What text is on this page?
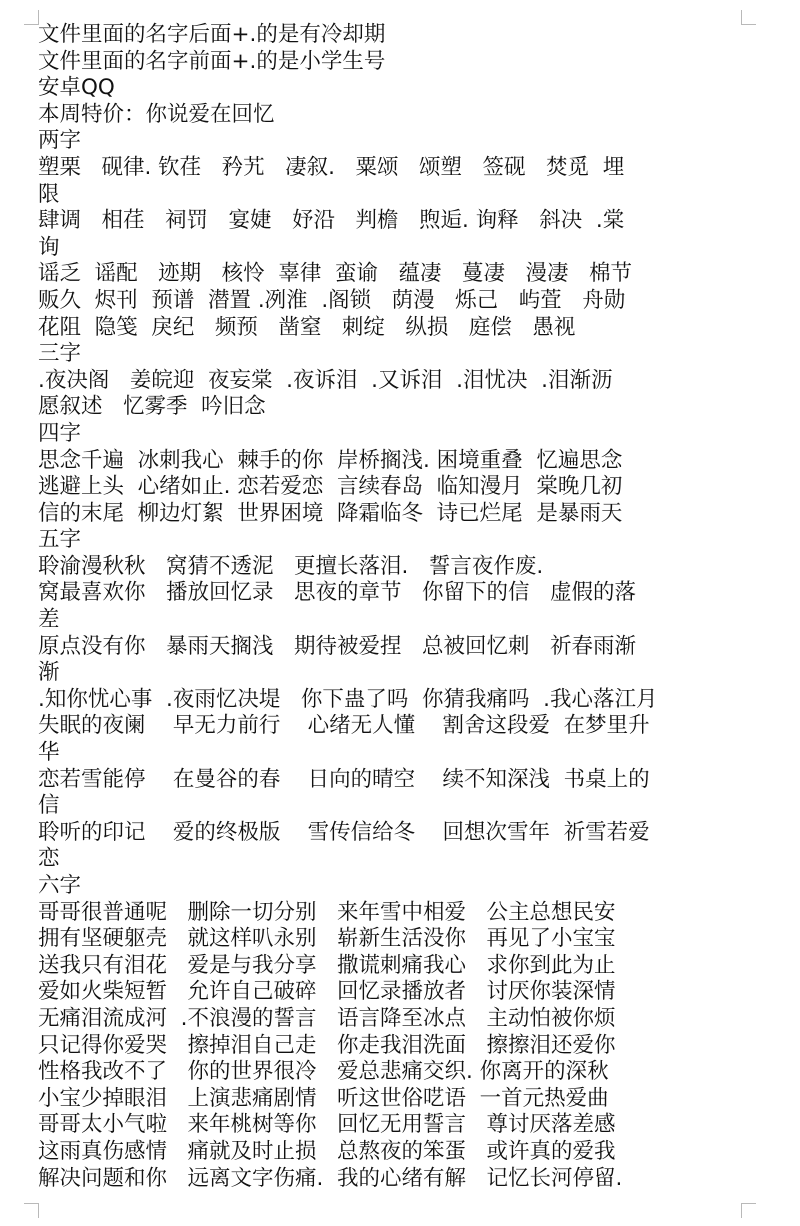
文件里面的名字后面+.的是有冷却期
文件里面的名字前面+.的是小学生号
安卓QQ
本周特价：你说爱在回忆
两字
塑栗   砚律. 钦荏   矜艽   凄叙.   粟颂   颂塑   签砚   焚觅  埋
限
肆调   相荏   祠罚   宴婕   妤沿   判檐   煦逅. 询释   斜决  .棠
询
谣乏  谣配   迹期   核怜  辜律  蛮谕   蕴凄   蔓凄   漫凄   棉节
贩久  烬刊  预谱  潜置 .冽淮  .阁锁   荫漫   烁己   屿萓   舟勋
花阻  隐笺  戾纪   频预   凿窒   刺绽   纵损   庭偿   愚视
三字
.夜决阁   姜皖迎  夜妄棠  .夜诉泪  .又诉泪  .泪忧决  .泪渐沥
愿叙述   忆雾季  吟旧念
四字
思念千遍  冰刺我心  棘手的你  岸桥搁浅. 困境重叠  忆遍思念
逃避上头  心绪如止. 恋若爱恋  言续春岛  临知漫月  棠晚几初
信的末尾  柳边灯絮  世界困境  降霜临冬  诗已烂尾  是暴雨天
五字
聆渝漫秋秋   窝猜不透泥   更擅长落泪.   誓言夜作废.
窝最喜欢你   播放回忆录   思夜的章节   你留下的信   虚假的落
差
原点没有你   暴雨天搁浅   期待被爱捏   总被回忆刺   祈春雨渐
渐
.知你忧心事  .夜雨忆决堤   你下蛊了吗  你猜我痛吗  .我心落江月
失眠的夜阑    早无力前行    心绪无人懂    割舍这段爱  在梦里升
华
恋若雪能停    在曼谷的春    日向的晴空    续不知深浅  书桌上的
信
聆听的印记    爱的终极版    雪传信给冬    回想次雪年  祈雪若爱
恋
六字
哥哥很普通呢   删除一切分别   来年雪中相爱   公主总想民安
拥有坚硬躯壳   就这样叭永别   崭新生活没你   再见了小宝宝
送我只有泪花   爱是与我分享   撒谎刺痛我心   求你到此为止
爱如火柴短暂   允许自己破碎   回忆录播放者   讨厌你装深情
无痛泪流成河  .不浪漫的誓言   语言降至冰点   主动怕被你烦
只记得你爱哭   擦掉泪自己走   你走我泪洗面   擦擦泪还爱你
性格我改不了   你的世界很冷   爱总悲痛交织. 你离开的深秋
小宝少掉眼泪   上演悲痛剧情   听这世俗呓语  一首元热爱曲
哥哥太小气啦   来年桃树等你   回忆无用誓言   尊讨厌落差感
这雨真伤感情   痛就及时止损   总熬夜的笨蛋   或许真的爱我
解决问题和你   远离文字伤痛.  我的心绪有解   记忆长河停留.
